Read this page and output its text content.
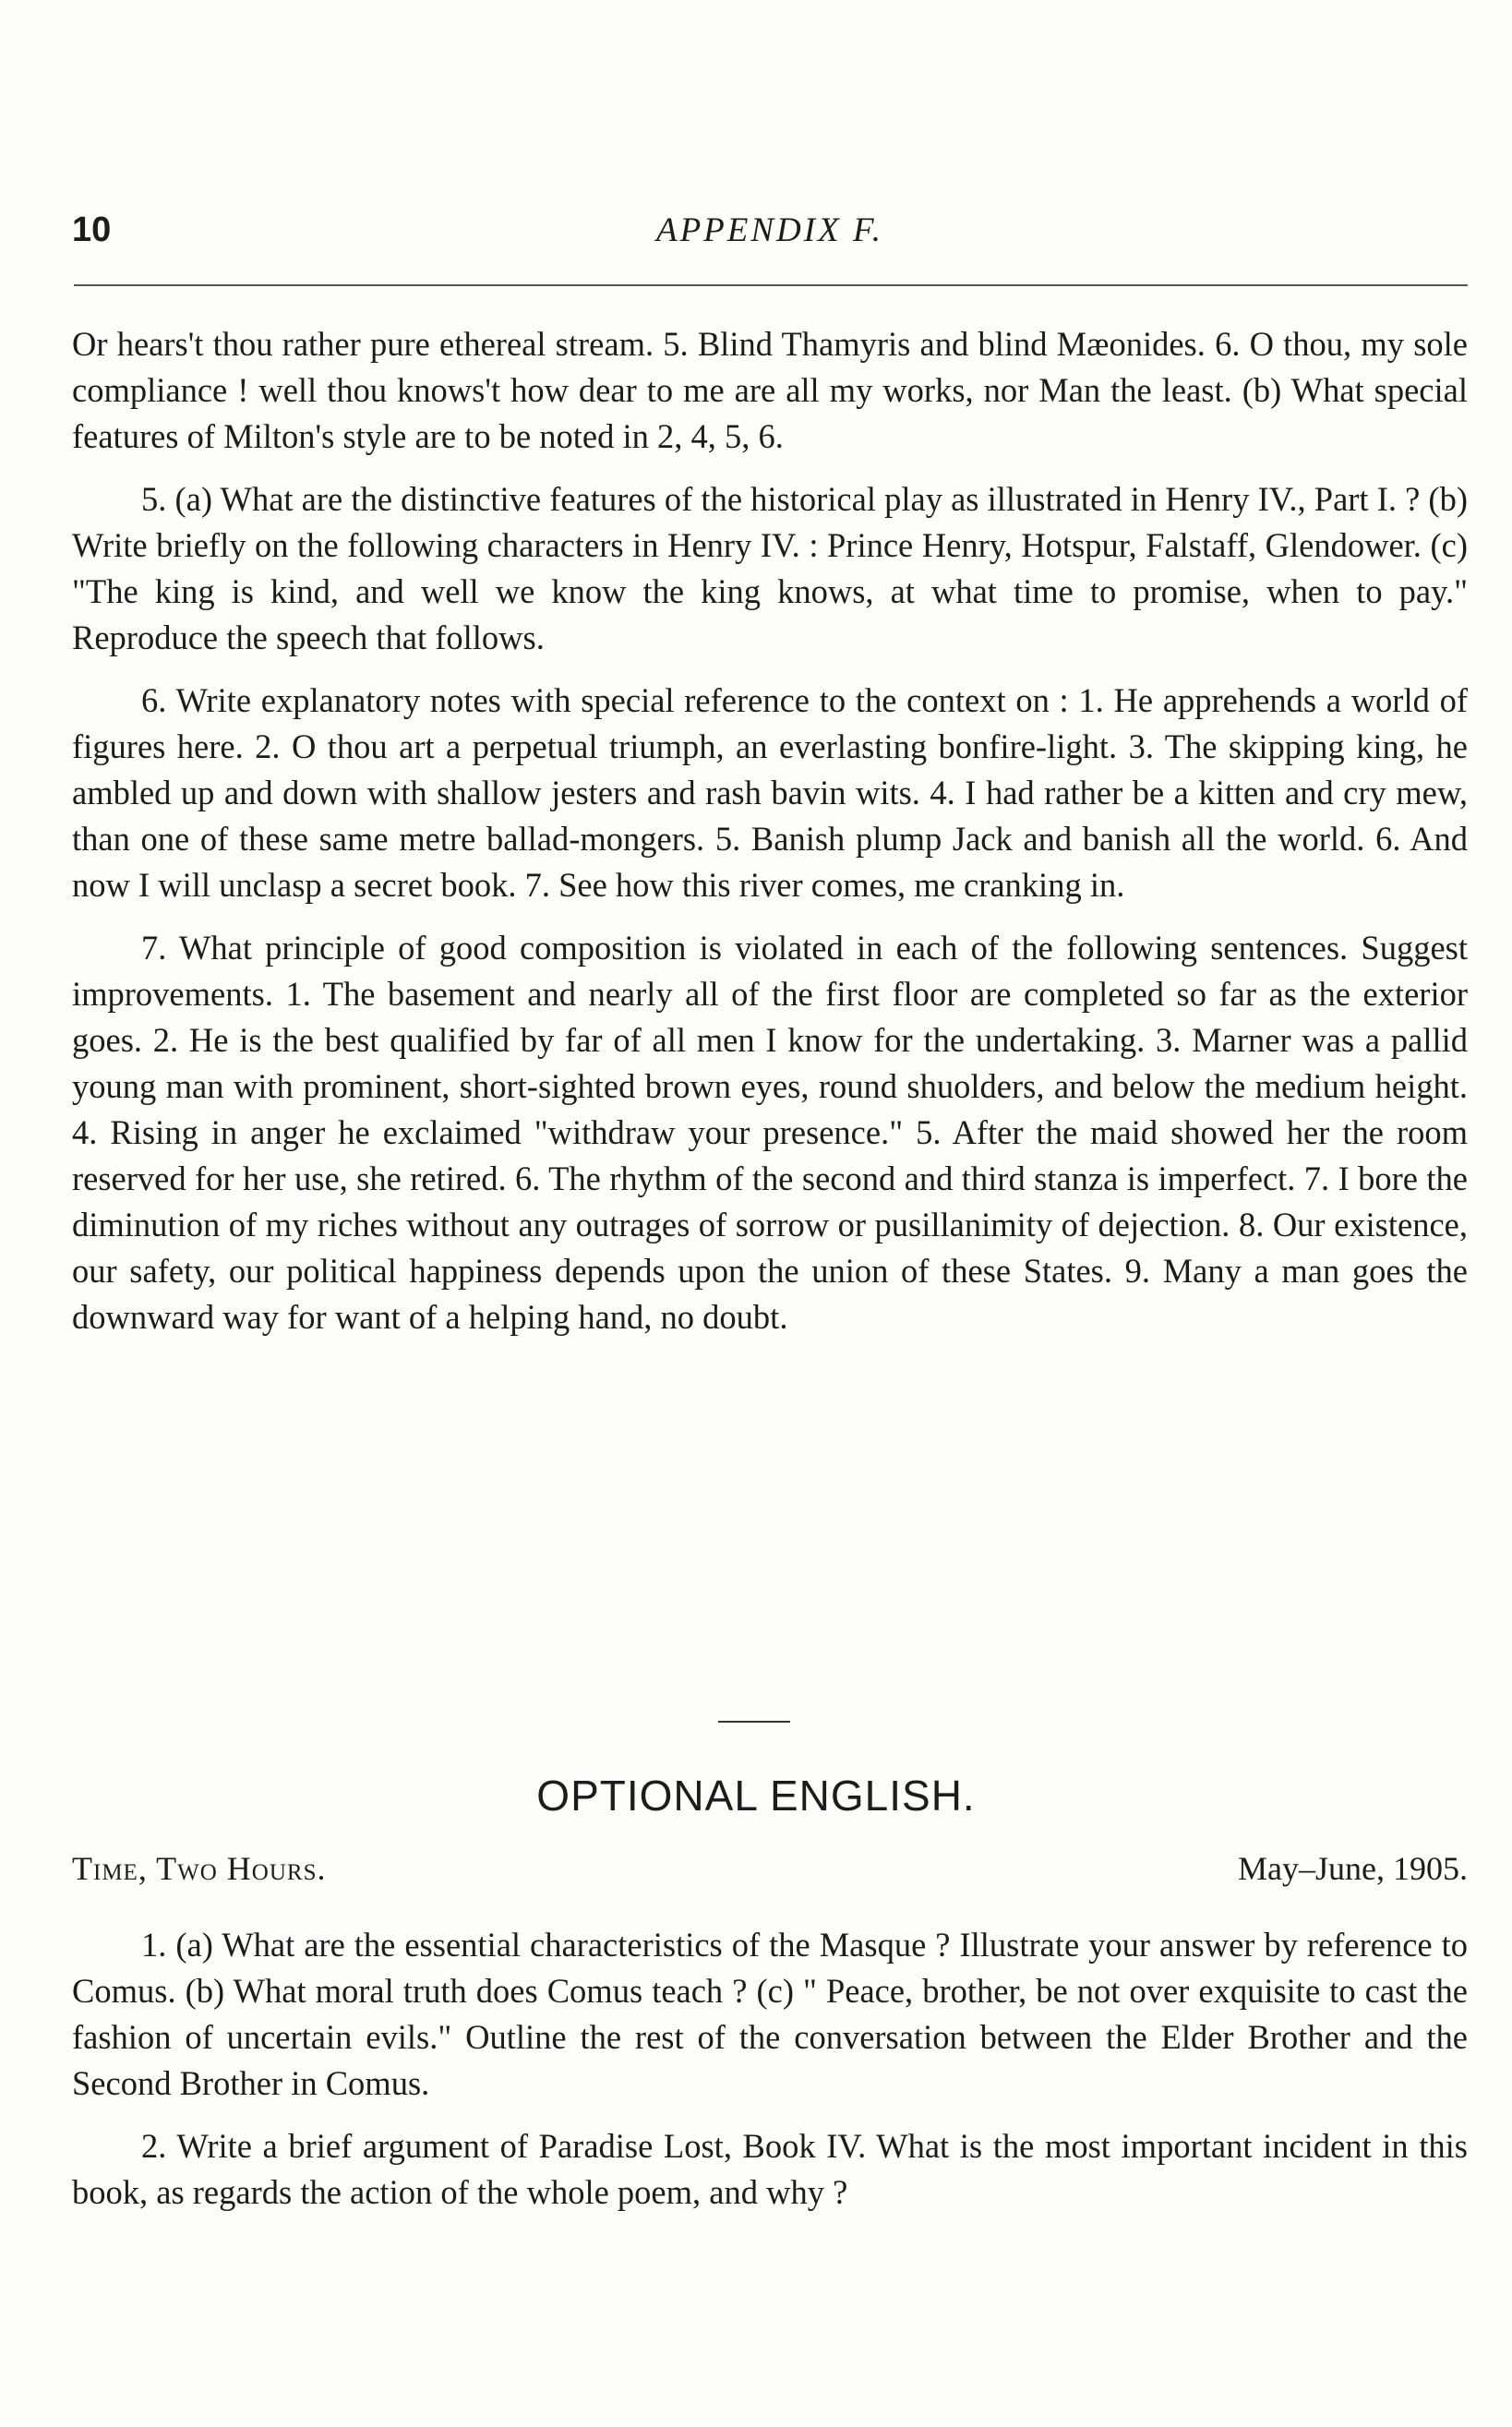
10	APPENDIX F.

Or hears't thou rather pure ethereal stream. 5. Blind Thamyris and blind Mæonides. 6. O thou, my sole compliance ! well thou knows't how dear to me are all my works, nor Man the least. (b) What special features of Milton's style are to be noted in 2, 4, 5, 6.

5. (a) What are the distinctive features of the historical play as illustrated in Henry IV., Part I. ? (b) Write briefly on the following characters in Henry IV. : Prince Henry, Hotspur, Falstaff, Glendower. (c) "The king is kind, and well we know the king knows, at what time to promise, when to pay." Reproduce the speech that follows.

6. Write explanatory notes with special reference to the context on : 1. He apprehends a world of figures here. 2. O thou art a perpetual triumph, an everlasting bonfire-light. 3. The skipping king, he ambled up and down with shallow jesters and rash bavin wits. 4. I had rather be a kitten and cry mew, than one of these same metre ballad-mongers. 5. Banish plump Jack and banish all the world. 6. And now I will unclasp a secret book. 7. See how this river comes, me cranking in.

7. What principle of good composition is violated in each of the following sentences. Suggest improvements. 1. The basement and nearly all of the first floor are completed so far as the exterior goes. 2. He is the best qualified by far of all men I know for the undertaking. 3. Marner was a pallid young man with prominent, short-sighted brown eyes, round shuolders, and below the medium height. 4. Rising in anger he exclaimed "withdraw your presence." 5. After the maid showed her the room reserved for her use, she retired. 6. The rhythm of the second and third stanza is imperfect. 7. I bore the diminution of my riches without any outrages of sorrow or pusillanimity of dejection. 8. Our existence, our safety, our political happiness depends upon the union of these States. 9. Many a man goes the downward way for want of a helping hand, no doubt.

OPTIONAL ENGLISH.
Time, Two Hours.	May–June, 1905.

1. (a) What are the essential characteristics of the Masque ? Illustrate your answer by reference to Comus. (b) What moral truth does Comus teach ? (c) " Peace, brother, be not over exquisite to cast the fashion of uncertain evils." Outline the rest of the conversation between the Elder Brother and the Second Brother in Comus.

2. Write a brief argument of Paradise Lost, Book IV. What is the most important incident in this book, as regards the action of the whole poem, and why ?
